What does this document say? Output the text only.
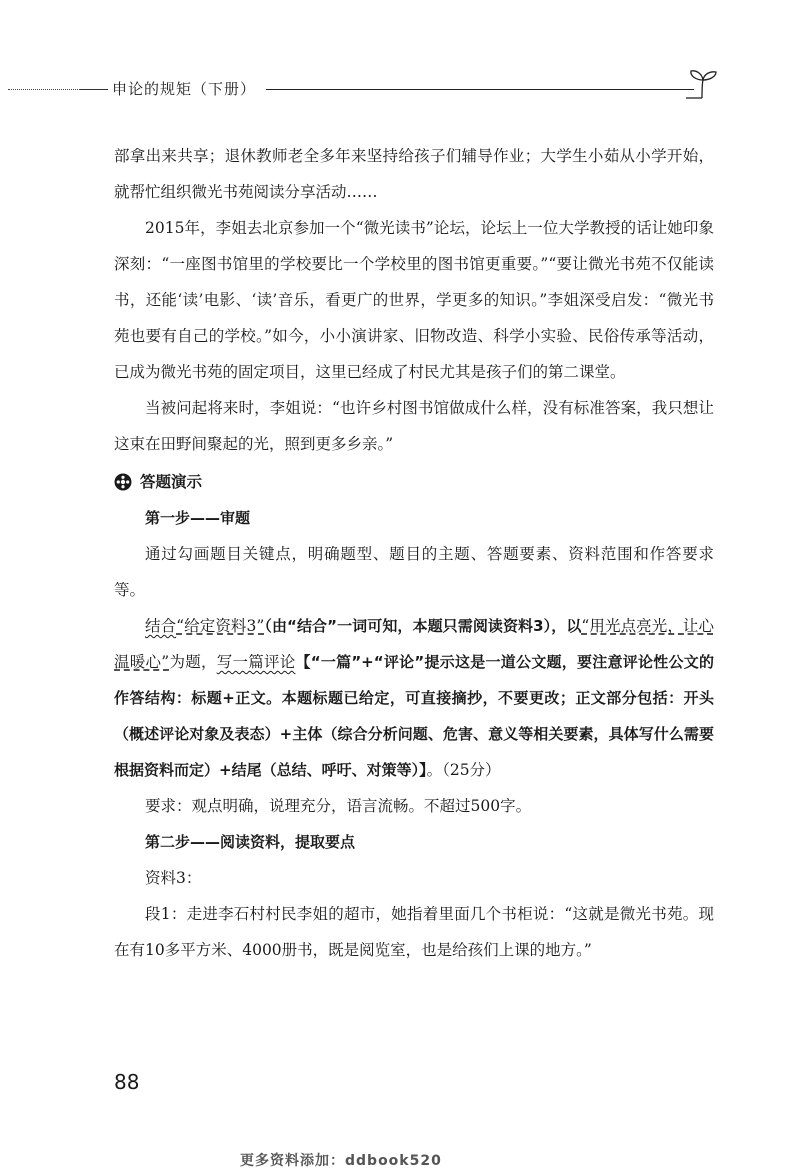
申论的规矩（下册）

部拿出来共享；退休教师老全多年来坚持给孩子们辅导作业；大学生小茹从小学开始，就帮忙组织微光书苑阅读分享活动……

2015年，李姐去北京参加一个“微光读书”论坛，论坛上一位大学教授的话让她印象深刻：“一座图书馆里的学校要比一个学校里的图书馆更重要。”“要让微光书苑不仅能读书，还能‘读’电影、‘读’音乐，看更广的世界，学更多的知识。”李姐深受启发：“微光书苑也要有自己的学校。”如今，小小演讲家、旧物改造、科学小实验、民俗传承等活动，已成为微光书苑的固定项目，这里已经成了村民尤其是孩子们的第二课堂。

当被问起将来时，李姐说：“也许乡村图书馆做成什么样，没有标准答案，我只想让这束在田野间聚起的光，照到更多乡亲。”

答题演示

第一步——审题

通过勾画题目关键点，明确题型、题目的主题、答题要素、资料范围和作答要求等。

结合“给定资料3”（由“结合”一词可知，本题只需阅读资料3），以“用光点亮光，让心温暖心”为题，写一篇评论【“一篇”+“评论”提示这是一道公文题，要注意评论性公文的作答结构：标题+正文。本题标题已给定，可直接摘抄，不要更改；正文部分包括：开头（概述评论对象及表态）+主体（综合分析问题、危害、意义等相关要素，具体写什么需要根据资料而定）+结尾（总结、呼吁、对策等）】。（25分）

要求：观点明确，说理充分，语言流畅。不超过500字。

第二步——阅读资料，提取要点

资料3：

段1：走进李石村村民李姐的超市，她指着里面几个书柜说：“这就是微光书苑。现在有10多平方米、4000册书，既是阅览室，也是给孩们上课的地方。”

88
更多资料添加：ddbook520
